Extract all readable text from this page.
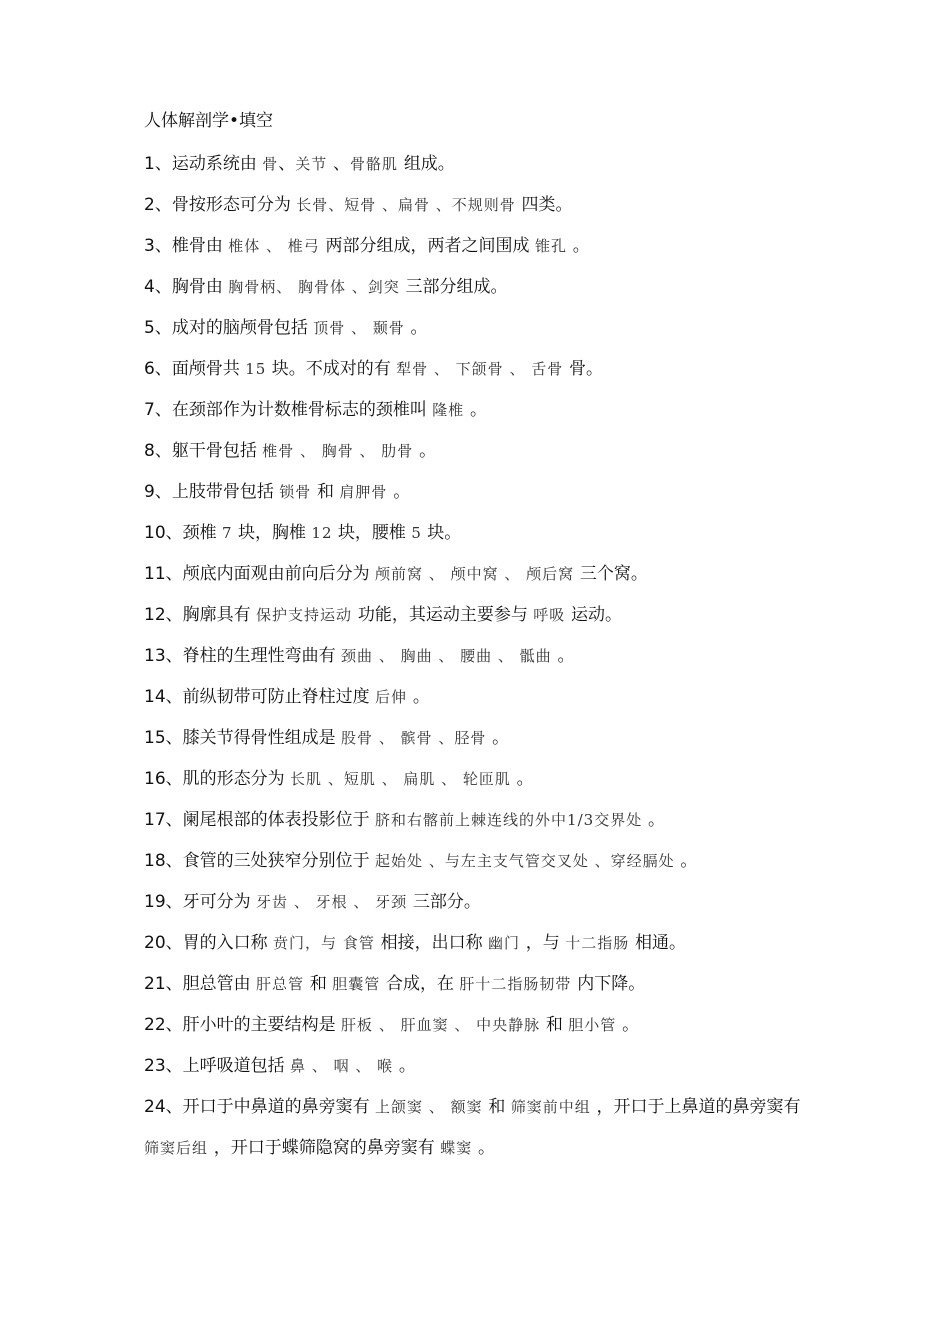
人体解剖学•填空
1、运动系统由 骨、关节 、骨骼肌 组成。
2、骨按形态可分为 长骨、短骨 、扁骨 、不规则骨 四类。
3、椎骨由 椎体 、 椎弓 两部分组成，两者之间围成 锥孔 。
4、胸骨由 胸骨柄、 胸骨体 、剑突 三部分组成。
5、成对的脑颅骨包括 顶骨 、 颞骨 。
6、面颅骨共 15 块。不成对的有 犁骨 、 下颌骨 、 舌骨 骨。
7、在颈部作为计数椎骨标志的颈椎叫 隆椎 。
8、躯干骨包括 椎骨 、 胸骨 、 肋骨 。
9、上肢带骨包括 锁骨 和 肩胛骨 。
10、颈椎 7 块，胸椎 12 块，腰椎 5 块。
11、颅底内面观由前向后分为 颅前窝 、 颅中窝 、 颅后窝 三个窝。
12、胸廓具有 保护支持运动 功能，其运动主要参与 呼吸 运动。
13、脊柱的生理性弯曲有 颈曲 、 胸曲 、 腰曲 、 骶曲 。
14、前纵韧带可防止脊柱过度 后伸 。
15、膝关节得骨性组成是 股骨 、 髌骨 、胫骨 。
16、肌的形态分为 长肌 、短肌 、 扁肌 、 轮匝肌 。
17、阑尾根部的体表投影位于 脐和右髂前上棘连线的外中1/3交界处 。
18、食管的三处狭窄分别位于 起始处 、与左主支气管交叉处 、穿经膈处 。
19、牙可分为 牙齿 、 牙根 、 牙颈 三部分。
20、胃的入口称 贲门，与 食管 相接，出口称 幽门 ，与 十二指肠 相通。
21、胆总管由 肝总管 和 胆囊管 合成，在 肝十二指肠韧带 内下降。
22、肝小叶的主要结构是 肝板 、 肝血窦 、 中央静脉 和 胆小管 。
23、上呼吸道包括 鼻 、 咽 、 喉 。
24、开口于中鼻道的鼻旁窦有 上颌窦 、 额窦 和 筛窦前中组 ，开口于上鼻道的鼻旁窦有 筛窦后组 ，开口于蝶筛隐窝的鼻旁窦有 蝶窦 。
